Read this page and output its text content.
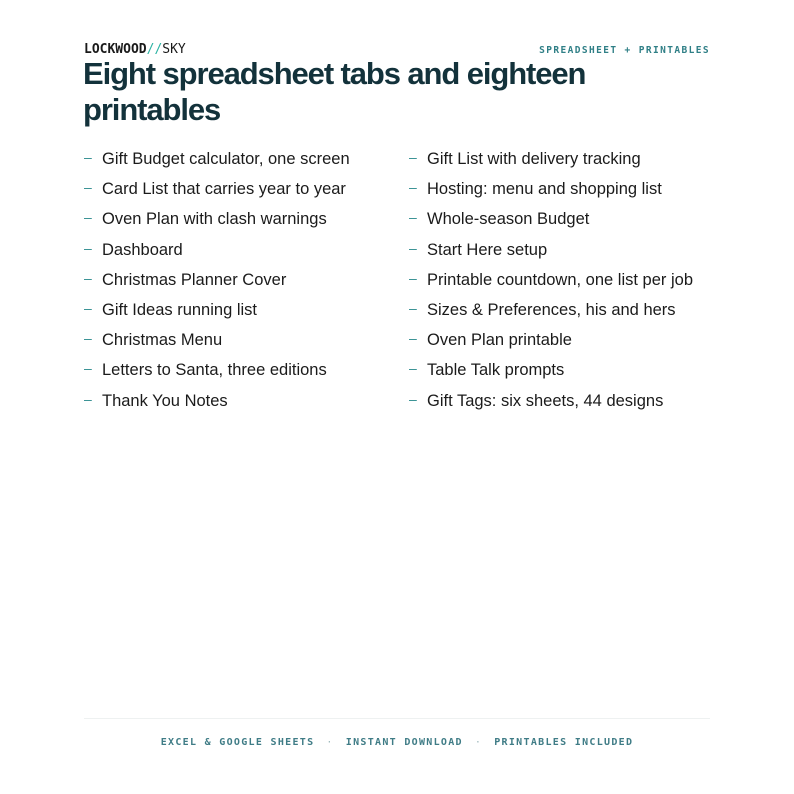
LOCKWOOD//SKY	SPREADSHEET + PRINTABLES
Eight spreadsheet tabs and eighteen printables
– Gift Budget calculator, one screen
– Card List that carries year to year
– Oven Plan with clash warnings
– Dashboard
– Christmas Planner Cover
– Gift Ideas running list
– Christmas Menu
– Letters to Santa, three editions
– Thank You Notes
– Gift List with delivery tracking
– Hosting: menu and shopping list
– Whole-season Budget
– Start Here setup
– Printable countdown, one list per job
– Sizes & Preferences, his and hers
– Oven Plan printable
– Table Talk prompts
– Gift Tags: six sheets, 44 designs
EXCEL & GOOGLE SHEETS · INSTANT DOWNLOAD · PRINTABLES INCLUDED
